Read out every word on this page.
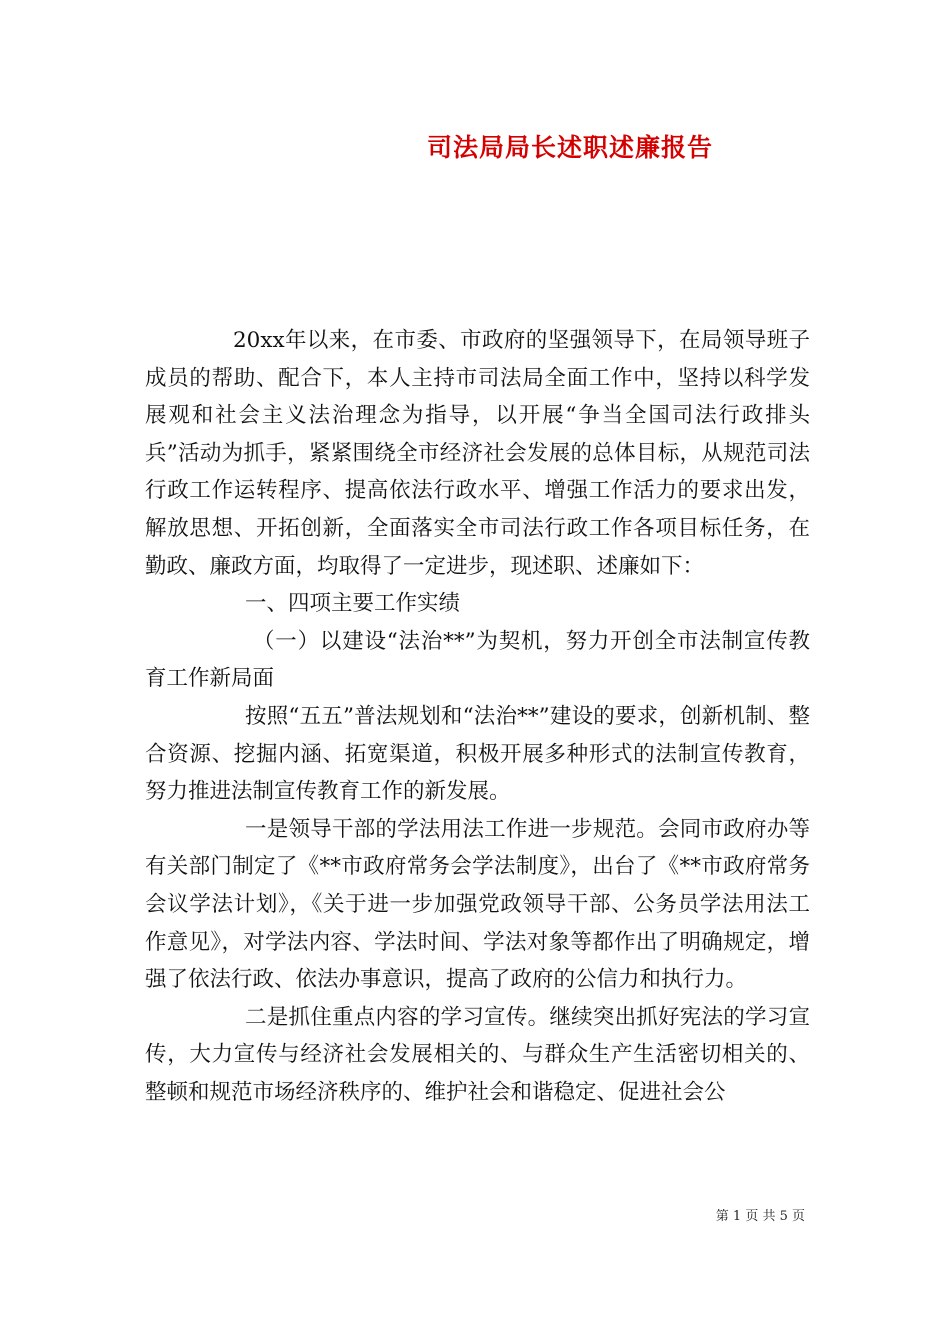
司法局局长述职述廉报告

20xx年以来，在市委、市政府的坚强领导下，在局领导班子成员的帮助、配合下，本人主持市司法局全面工作中，坚持以科学发展观和社会主义法治理念为指导，以开展“争当全国司法行政排头兵”活动为抓手，紧紧围绕全市经济社会发展的总体目标，从规范司法行政工作运转程序、提高依法行政水平、增强工作活力的要求出发，解放思想、开拓创新，全面落实全市司法行政工作各项目标任务，在勤政、廉政方面，均取得了一定进步，现述职、述廉如下：

一、四项主要工作实绩

（一）以建设“法治**”为契机，努力开创全市法制宣传教育工作新局面

按照“五五”普法规划和“法治**”建设的要求，创新机制、整合资源、挖掘内涵、拓宽渠道，积极开展多种形式的法制宣传教育，努力推进法制宣传教育工作的新发展。

一是领导干部的学法用法工作进一步规范。会同市政府办等有关部门制定了《**市政府常务会学法制度》，出台了《**市政府常务会议学法计划》，《关于进一步加强党政领导干部、公务员学法用法工作意见》，对学法内容、学法时间、学法对象等都作出了明确规定，增强了依法行政、依法办事意识，提高了政府的公信力和执行力。

二是抓住重点内容的学习宣传。继续突出抓好宪法的学习宣传，大力宣传与经济社会发展相关的、与群众生产生活密切相关的、整顿和规范市场经济秩序的、维护社会和谐稳定、促进社会公

第 1 页 共 5 页
